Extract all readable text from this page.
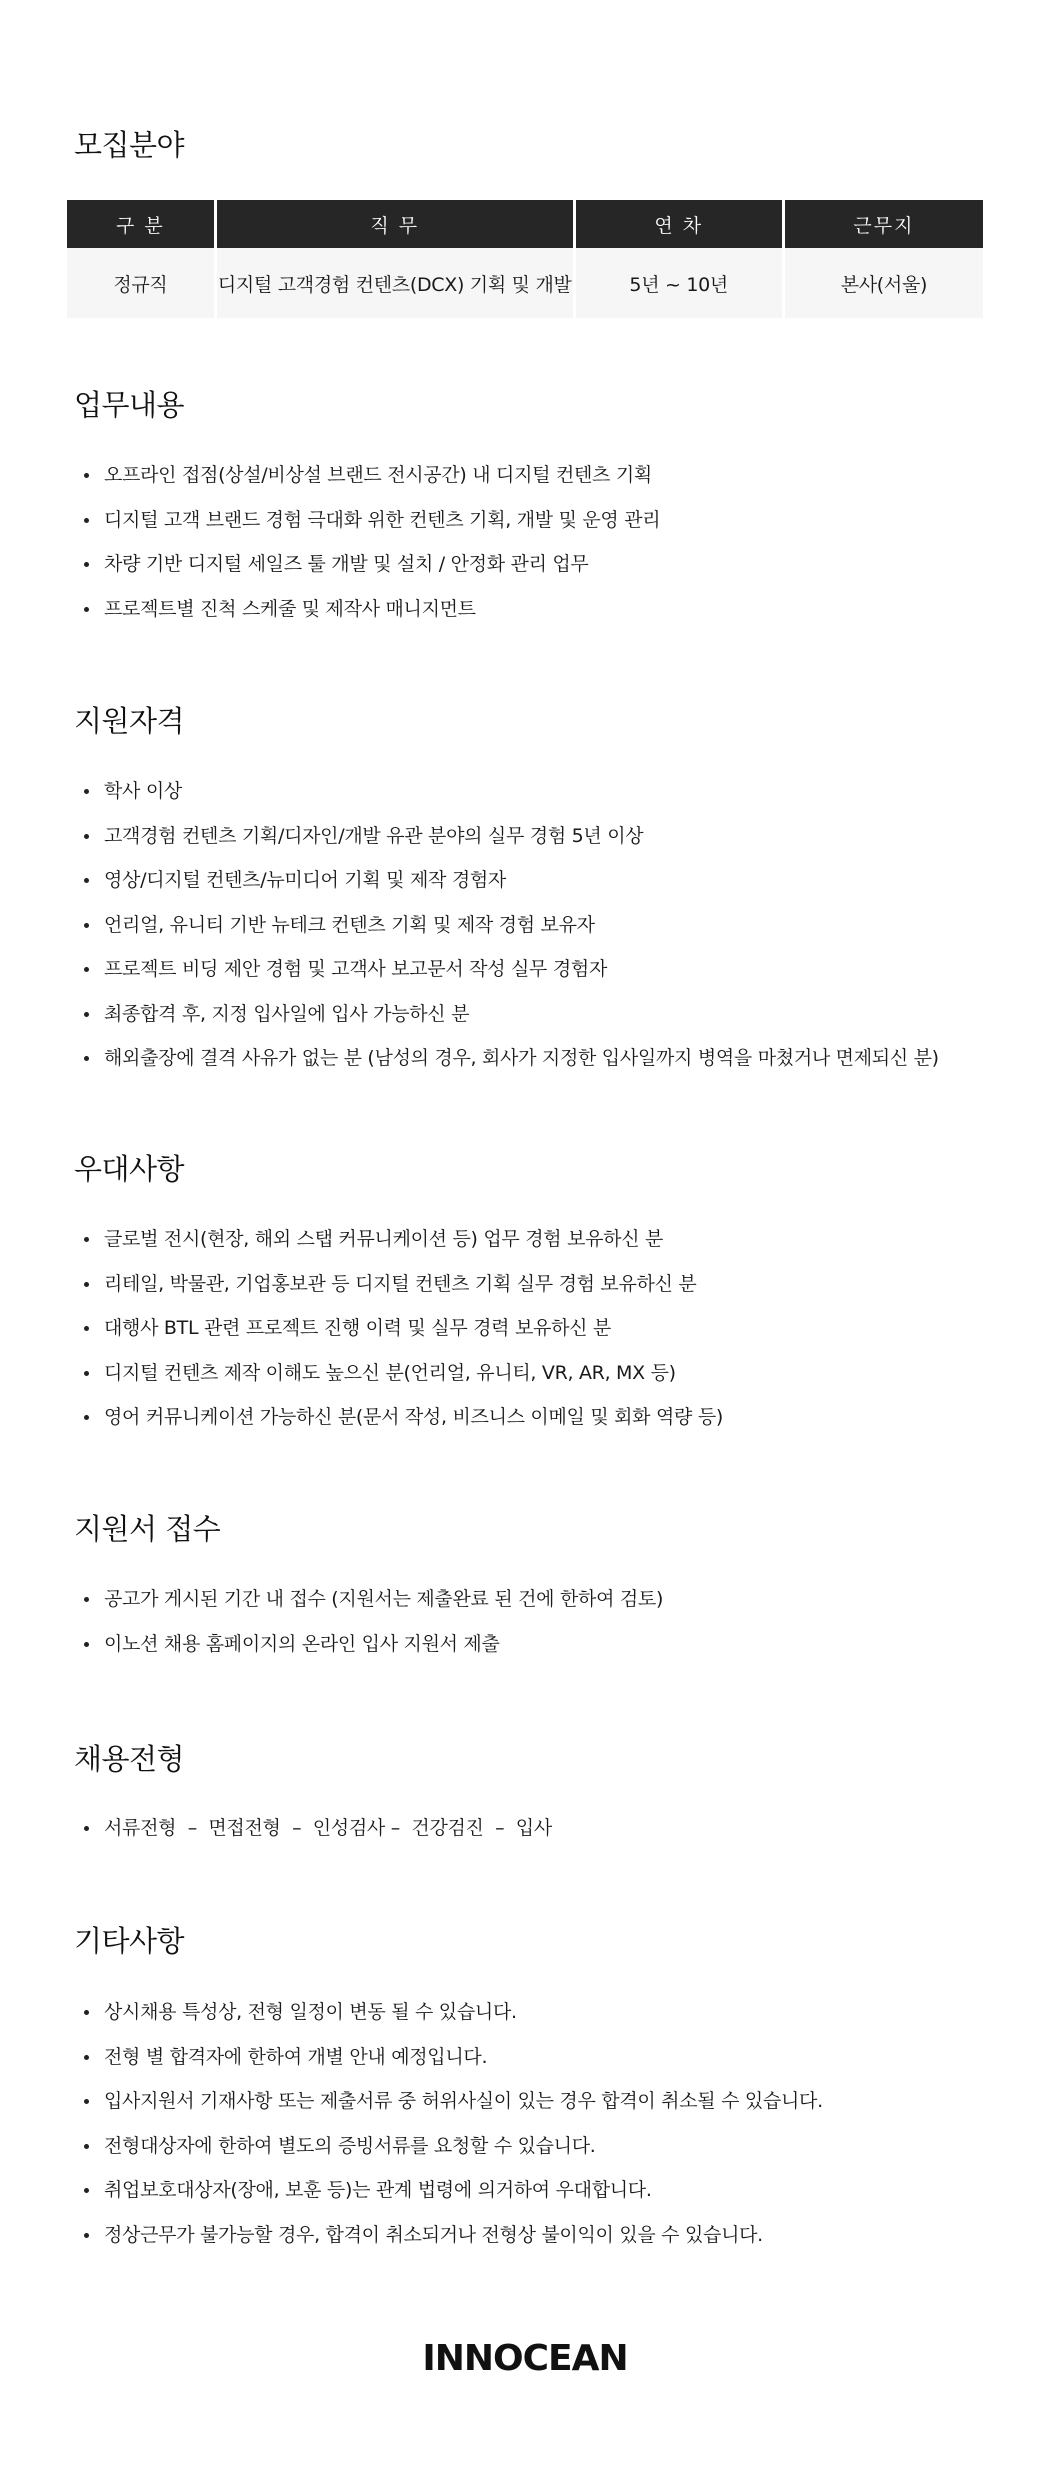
모집분야
구 분	직 무	연 차	근무지
정규직	디지털 고객경험 컨텐츠(DCX) 기획 및 개발	5년 ~ 10년	본사(서울)
업무내용
오프라인 접점(상설/비상설 브랜드 전시공간) 내 디지털 컨텐츠 기획
디지털 고객 브랜드 경험 극대화 위한 컨텐츠 기획, 개발 및 운영 관리
차량 기반 디지털 세일즈 툴 개발 및 설치 / 안정화 관리 업무
프로젝트별 진척 스케줄 및 제작사 매니지먼트
지원자격
학사 이상
고객경험 컨텐츠 기획/디자인/개발 유관 분야의 실무 경험 5년 이상
영상/디지털 컨텐츠/뉴미디어 기획 및 제작 경험자
언리얼, 유니티 기반 뉴테크 컨텐츠 기획 및 제작 경험 보유자
프로젝트 비딩 제안 경험 및 고객사 보고문서 작성 실무 경험자
최종합격 후, 지정 입사일에 입사 가능하신 분
해외출장에 결격 사유가 없는 분 (남성의 경우, 회사가 지정한 입사일까지 병역을 마쳤거나 면제되신 분)
우대사항
글로벌 전시(현장, 해외 스탭 커뮤니케이션 등) 업무 경험 보유하신 분
리테일, 박물관, 기업홍보관 등 디지털 컨텐츠 기획 실무 경험 보유하신 분
대행사 BTL 관련 프로젝트 진행 이력 및 실무 경력 보유하신 분
디지털 컨텐츠 제작 이해도 높으신 분(언리얼, 유니티, VR, AR, MX 등)
영어 커뮤니케이션 가능하신 분(문서 작성, 비즈니스 이메일 및 회화 역량 등)
지원서 접수
공고가 게시된 기간 내 접수 (지원서는 제출완료 된 건에 한하여 검토)
이노션 채용 홈페이지의 온라인 입사 지원서 제출
채용전형
서류전형  –  면접전형  –  인성검사 –  건강검진  –  입사
기타사항
상시채용 특성상, 전형 일정이 변동 될 수 있습니다.
전형 별 합격자에 한하여 개별 안내 예정입니다.
입사지원서 기재사항 또는 제출서류 중 허위사실이 있는 경우 합격이 취소될 수 있습니다.
전형대상자에 한하여 별도의 증빙서류를 요청할 수 있습니다.
취업보호대상자(장애, 보훈 등)는 관계 법령에 의거하여 우대합니다.
정상근무가 불가능할 경우, 합격이 취소되거나 전형상 불이익이 있을 수 있습니다.
INNOCEAN
